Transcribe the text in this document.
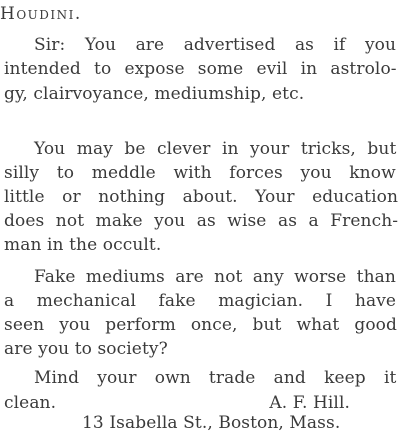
Houdini.
Sir: You are advertised as if you
intended to expose some evil in astrolo-
gy, clairvoyance, mediumship, etc.
You may be clever in your tricks, but
silly to meddle with forces you know
little or nothing about. Your education
does not make you as wise as a French-
man in the occult.
Fake mediums are not any worse than
a mechanical fake magician. I have
seen you perform once, but what good
are you to society?
Mind your own trade and keep it
clean.	A. F. Hill.
13 Isabella St., Boston, Mass.
